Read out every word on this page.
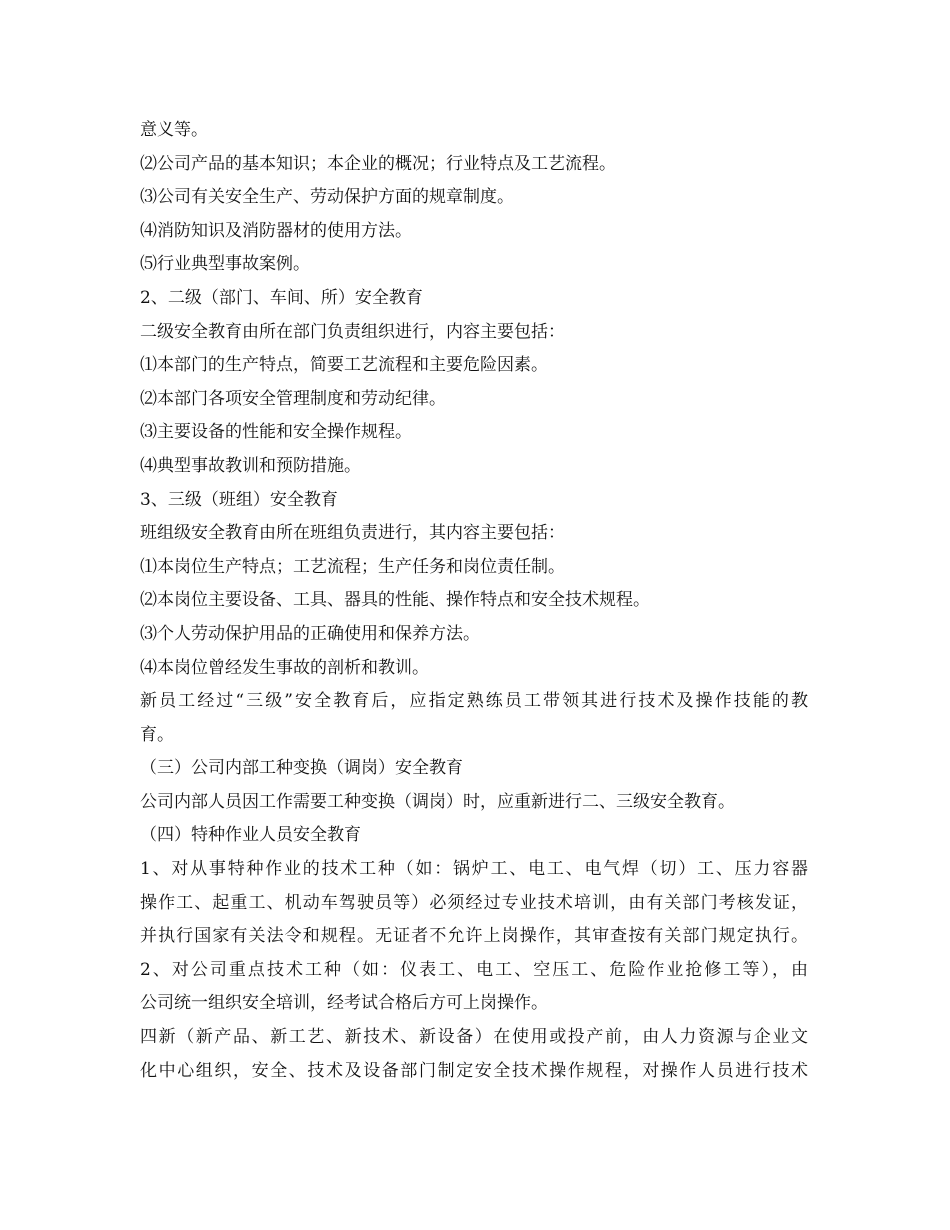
意义等。
⑵公司产品的基本知识；本企业的概况；行业特点及工艺流程。
⑶公司有关安全生产、劳动保护方面的规章制度。
⑷消防知识及消防器材的使用方法。
⑸行业典型事故案例。
2、二级（部门、车间、所）安全教育
二级安全教育由所在部门负责组织进行，内容主要包括：
⑴本部门的生产特点，简要工艺流程和主要危险因素。
⑵本部门各项安全管理制度和劳动纪律。
⑶主要设备的性能和安全操作规程。
⑷典型事故教训和预防措施。
3、三级（班组）安全教育
班组级安全教育由所在班组负责进行，其内容主要包括：
⑴本岗位生产特点；工艺流程；生产任务和岗位责任制。
⑵本岗位主要设备、工具、器具的性能、操作特点和安全技术规程。
⑶个人劳动保护用品的正确使用和保养方法。
⑷本岗位曾经发生事故的剖析和教训。
新员工经过“三级”安全教育后，应指定熟练员工带领其进行技术及操作技能的教
育。
（三）公司内部工种变换（调岗）安全教育
公司内部人员因工作需要工种变换（调岗）时，应重新进行二、三级安全教育。
（四）特种作业人员安全教育
1、对从事特种作业的技术工种（如：锅炉工、电工、电气焊（切）工、压力容器
操作工、起重工、机动车驾驶员等）必须经过专业技术培训，由有关部门考核发证，
并执行国家有关法令和规程。无证者不允许上岗操作，其审查按有关部门规定执行。
2、对公司重点技术工种（如：仪表工、电工、空压工、危险作业抢修工等），由
公司统一组织安全培训，经考试合格后方可上岗操作。
四新（新产品、新工艺、新技术、新设备）在使用或投产前，由人力资源与企业文
化中心组织，安全、技术及设备部门制定安全技术操作规程，对操作人员进行技术
